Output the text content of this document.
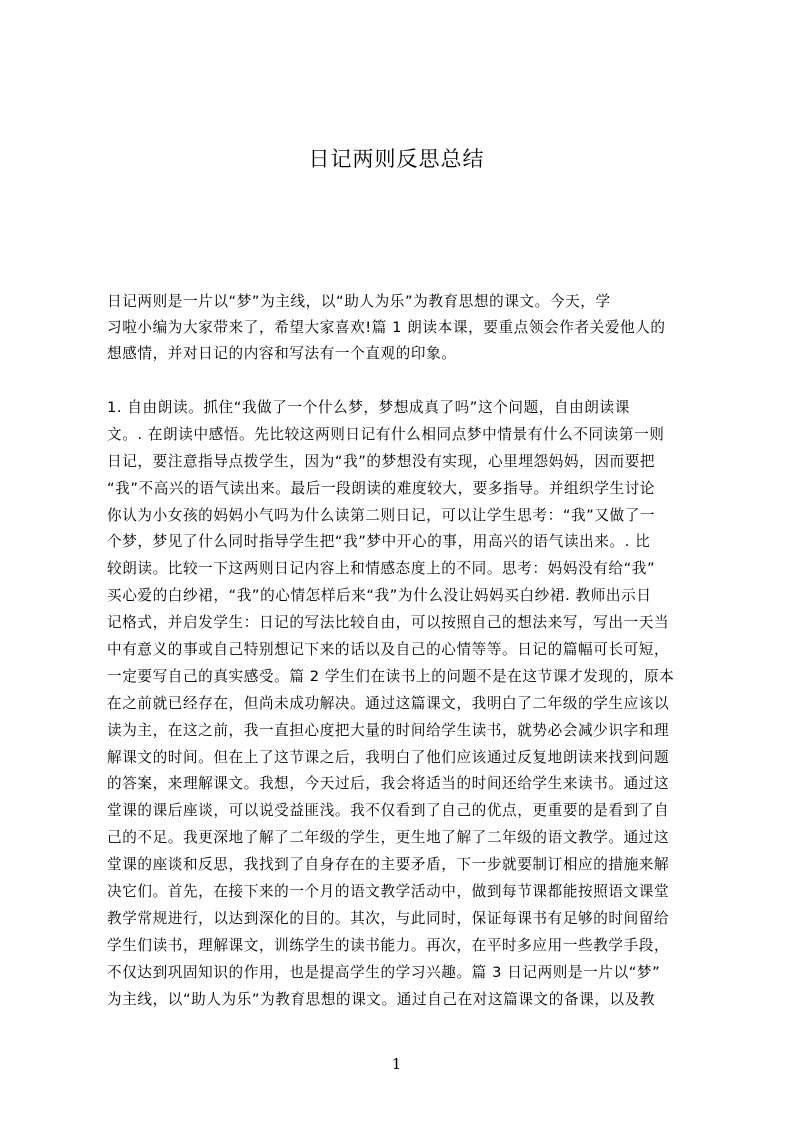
日记两则反思总结
日记两则是一片以“梦”为主线，以“助人为乐”为教育思想的课文。今天，学
习啦小编为大家带来了，希望大家喜欢!篇 1 朗读本课，要重点领会作者关爱他人的
想感情，并对日记的内容和写法有一个直观的印象。
1. 自由朗读。抓住“我做了一个什么梦，梦想成真了吗”这个问题，自由朗读课
文。. 在朗读中感悟。先比较这两则日记有什么相同点梦中情景有什么不同读第一则
日记，要注意指导点拨学生，因为“我”的梦想没有实现，心里埋怨妈妈，因而要把
“我”不高兴的语气读出来。最后一段朗读的难度较大，要多指导。并组织学生讨论
你认为小女孩的妈妈小气吗为什么读第二则日记，可以让学生思考：“我”又做了一
个梦，梦见了什么同时指导学生把“我”梦中开心的事，用高兴的语气读出来。. 比
较朗读。比较一下这两则日记内容上和情感态度上的不同。思考：妈妈没有给“我”
买心爱的白纱裙，“我”的心情怎样后来“我”为什么没让妈妈买白纱裙. 教师出示日
记格式，并启发学生：日记的写法比较自由，可以按照自己的想法来写，写出一天当
中有意义的事或自己特别想记下来的话以及自己的心情等等。日记的篇幅可长可短，
一定要写自己的真实感受。篇 2 学生们在读书上的问题不是在这节课才发现的，原本
在之前就已经存在，但尚未成功解决。通过这篇课文，我明白了二年级的学生应该以
读为主，在这之前，我一直担心度把大量的时间给学生读书，就势必会减少识字和理
解课文的时间。但在上了这节课之后，我明白了他们应该通过反复地朗读来找到问题
的答案，来理解课文。我想，今天过后，我会将适当的时间还给学生来读书。通过这
堂课的课后座谈，可以说受益匪浅。我不仅看到了自己的优点，更重要的是看到了自
己的不足。我更深地了解了二年级的学生，更生地了解了二年级的语文教学。通过这
堂课的座谈和反思，我找到了自身存在的主要矛盾，下一步就要制订相应的措施来解
决它们。首先，在接下来的一个月的语文教学活动中，做到每节课都能按照语文课堂
教学常规进行，以达到深化的目的。其次，与此同时，保证每课书有足够的时间留给
学生们读书，理解课文，训练学生的读书能力。再次，在平时多应用一些教学手段，
不仅达到巩固知识的作用，也是提高学生的学习兴趣。篇 3 日记两则是一片以“梦”
为主线，以“助人为乐”为教育思想的课文。通过自己在对这篇课文的备课，以及教
1
